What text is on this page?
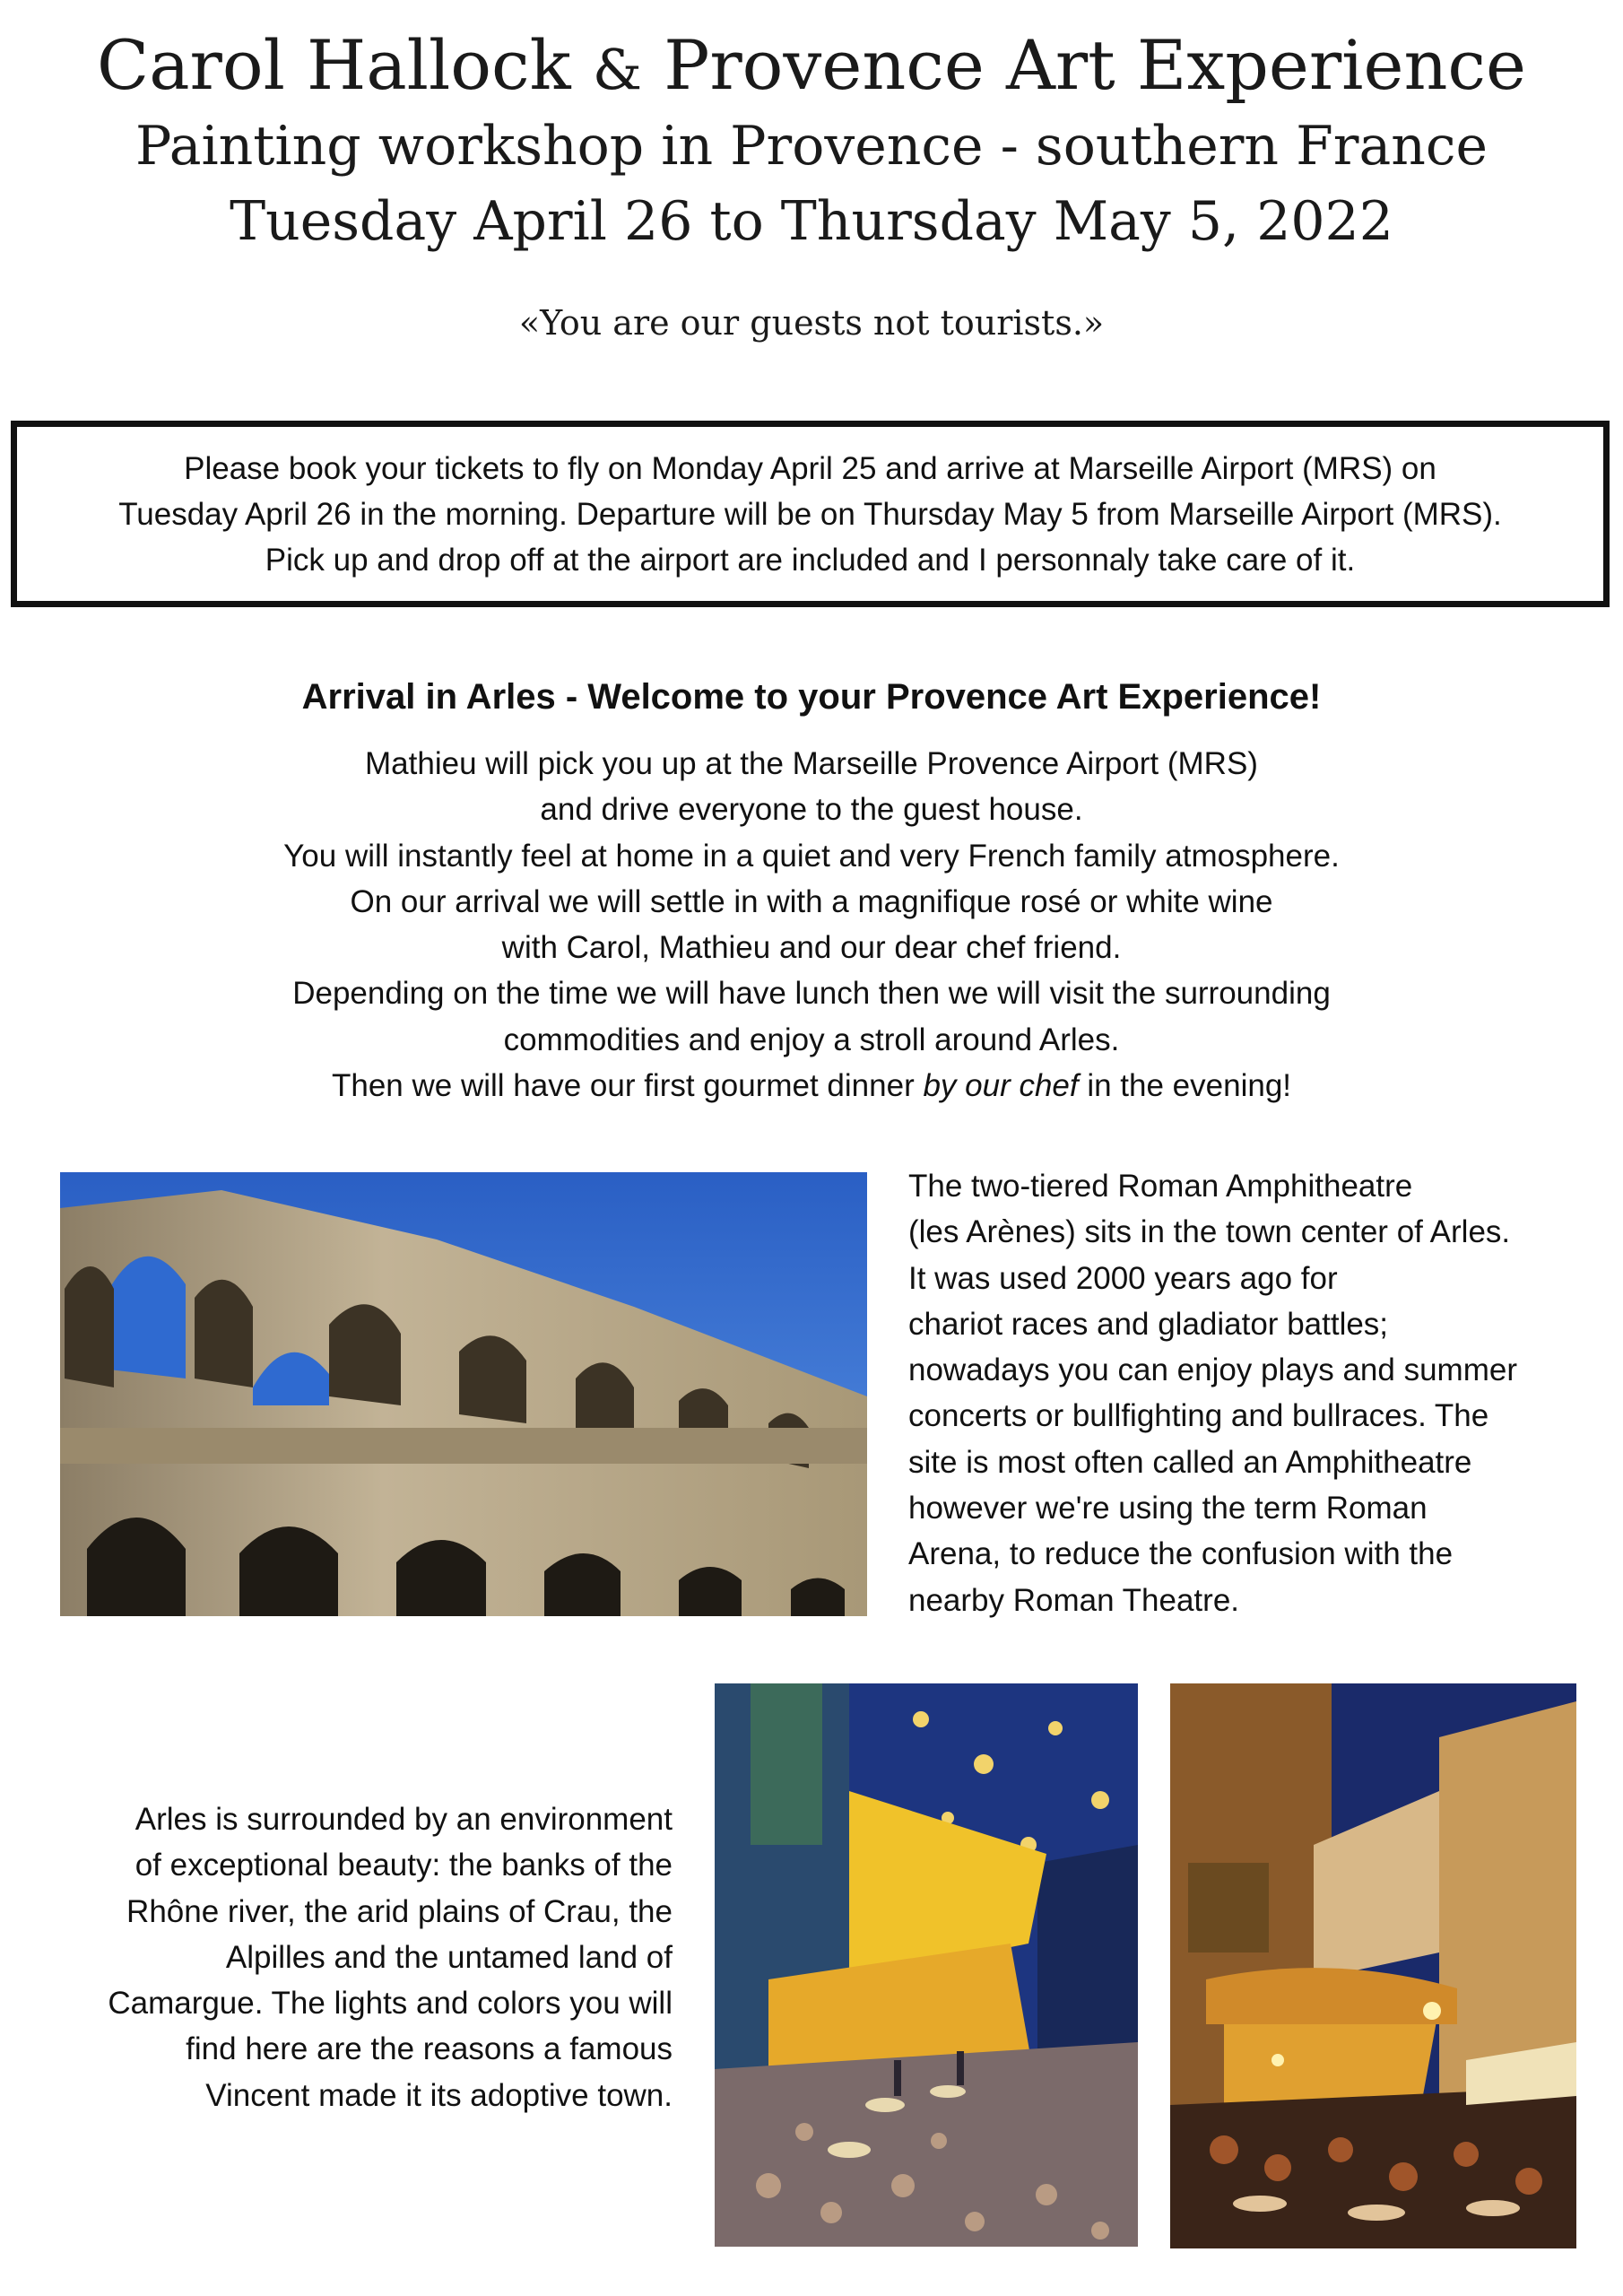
Carol Hallock & Provence Art Experience
Painting workshop in Provence - southern France
Tuesday April 26 to Thursday May 5, 2022
«You are our guests not tourists.»
Please book your tickets to fly on Monday April 25 and arrive at Marseille Airport (MRS) on
Tuesday April 26 in the morning. Departure will be on Thursday May 5 from Marseille Airport (MRS).
Pick up and drop off at the airport are included and I personnaly take care of it.
Arrival in Arles - Welcome to your Provence Art Experience!
Mathieu will pick you up at the Marseille Provence Airport (MRS)
and drive everyone to the guest house.
You will instantly feel at home in a quiet and very French family atmosphere.
On our arrival we will settle in with a magnifique rosé or white wine
with Carol, Mathieu and our dear chef friend.
Depending on the time we will have lunch then we will visit the surrounding
commodities and enjoy a stroll around Arles.
Then we will have our first gourmet dinner by our chef in the evening!
The two-tiered Roman Amphitheatre
(les Arènes) sits in the town center of Arles.
It was used 2000 years ago for
chariot races and gladiator battles;
nowadays you can enjoy plays and summer
concerts or bullfighting and bullraces. The
site is most often called an Amphitheatre
however we're using the term Roman
Arena, to reduce the confusion with the
nearby Roman Theatre.
Arles is surrounded by an environment
of exceptional beauty: the banks of the
Rhône river, the arid plains of Crau, the
Alpilles and the untamed land of
Camargue. The lights and colors you will
find here are the reasons a famous
Vincent made it its adoptive town.
